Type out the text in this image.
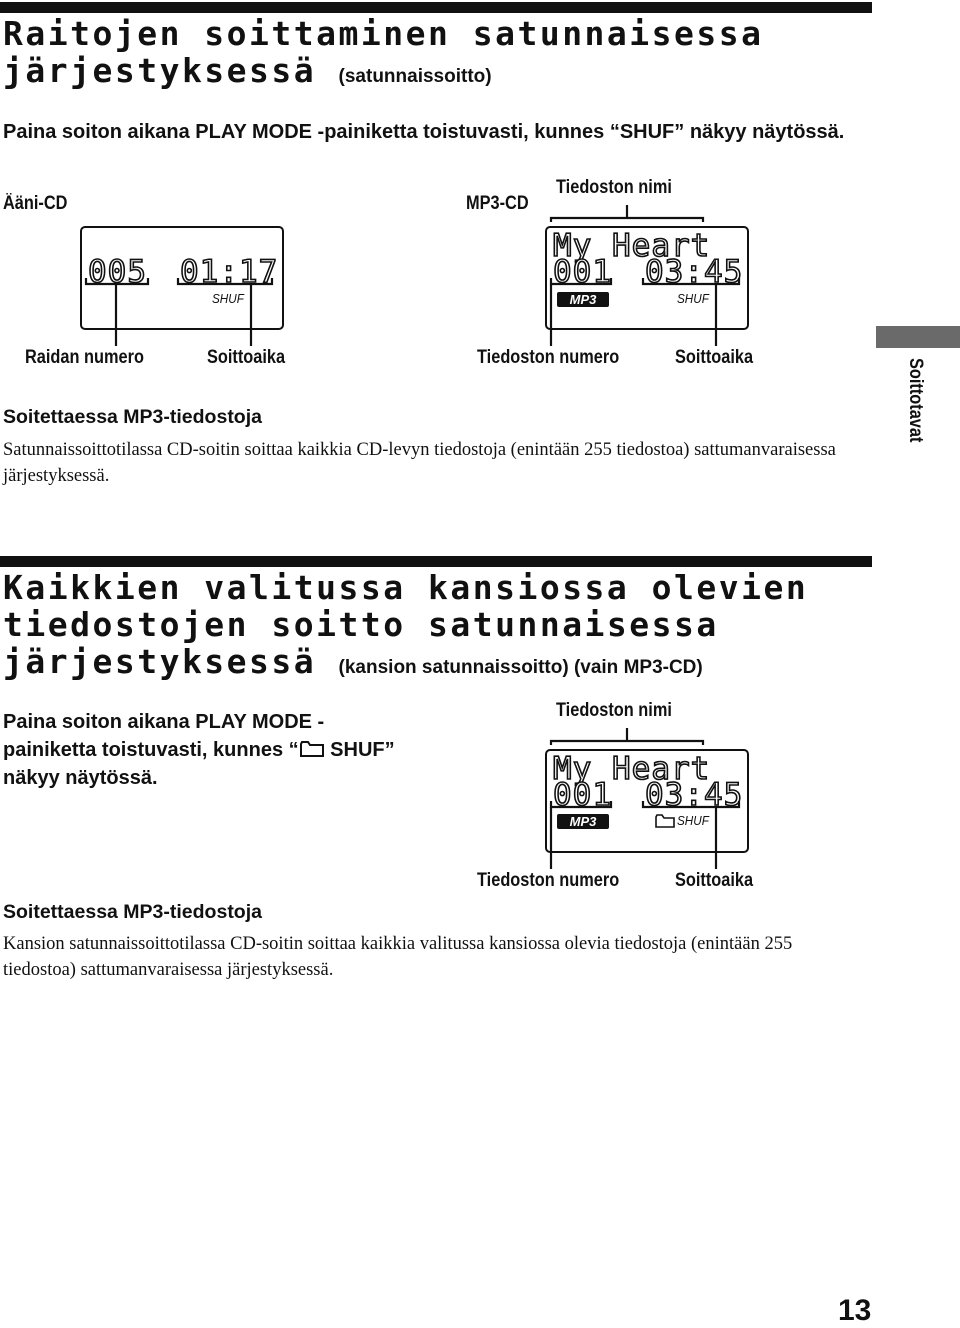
Raitojen soittaminen satunnaisessa
järjestyksessä (satunnaissoitto)

Paina soiton aikana PLAY MODE -painiketta toistuvasti, kunnes “SHUF” näkyy näytössä.

Ääni-CD	MP3-CD
Tiedoston nimi
005 01:17
SHUF
My Heart
001 03:45
MP3	SHUF
Raidan numero	Soittoaika	Tiedoston numero	Soittoaika

Soitettaessa MP3-tiedostoja

Satunnaissoittotilassa CD-soitin soittaa kaikkia CD-levyn tiedostoja (enintään 255 tiedostoa) sattumanvaraisessa järjestyksessä.

Soittotavat
Kaikkien valitussa kansiossa olevien
tiedostojen soitto satunnaisessa
järjestyksessä (kansion satunnaissoitto) (vain MP3-CD)

Paina soiton aikana PLAY MODE -
painiketta toistuvasti, kunnes “ SHUF”
näkyy näytössä.

Tiedoston nimi
My Heart
001 03:45
MP3	SHUF
Tiedoston numero	Soittoaika

Soitettaessa MP3-tiedostoja

Kansion satunnaissoittotilassa CD-soitin soittaa kaikkia valitussa kansiossa olevia tiedostoja (enintään 255 tiedostoa) sattumanvaraisessa järjestyksessä.

13
